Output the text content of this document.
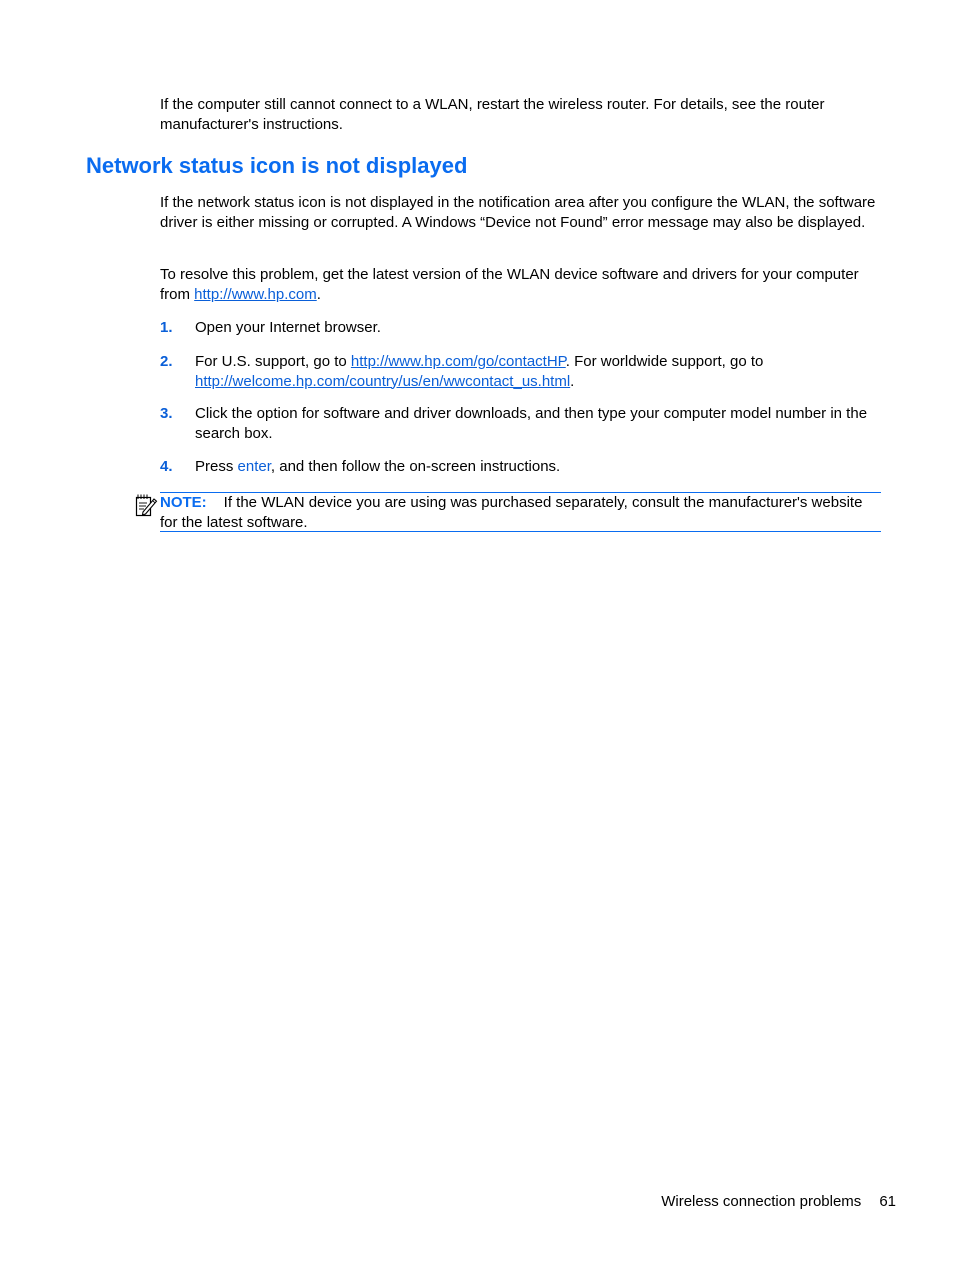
If the computer still cannot connect to a WLAN, restart the wireless router. For details, see the router manufacturer's instructions.

Network status icon is not displayed

If the network status icon is not displayed in the notification area after you configure the WLAN, the software driver is either missing or corrupted. A Windows “Device not Found” error message may also be displayed.

To resolve this problem, get the latest version of the WLAN device software and drivers for your computer from http://www.hp.com.

1. Open your Internet browser.

2. For U.S. support, go to http://www.hp.com/go/contactHP. For worldwide support, go to http://welcome.hp.com/country/us/en/wwcontact_us.html.

3. Click the option for software and driver downloads, and then type your computer model number in the search box.

4. Press enter, and then follow the on-screen instructions.

NOTE: If the WLAN device you are using was purchased separately, consult the manufacturer's website for the latest software.

Wireless connection problems 61
